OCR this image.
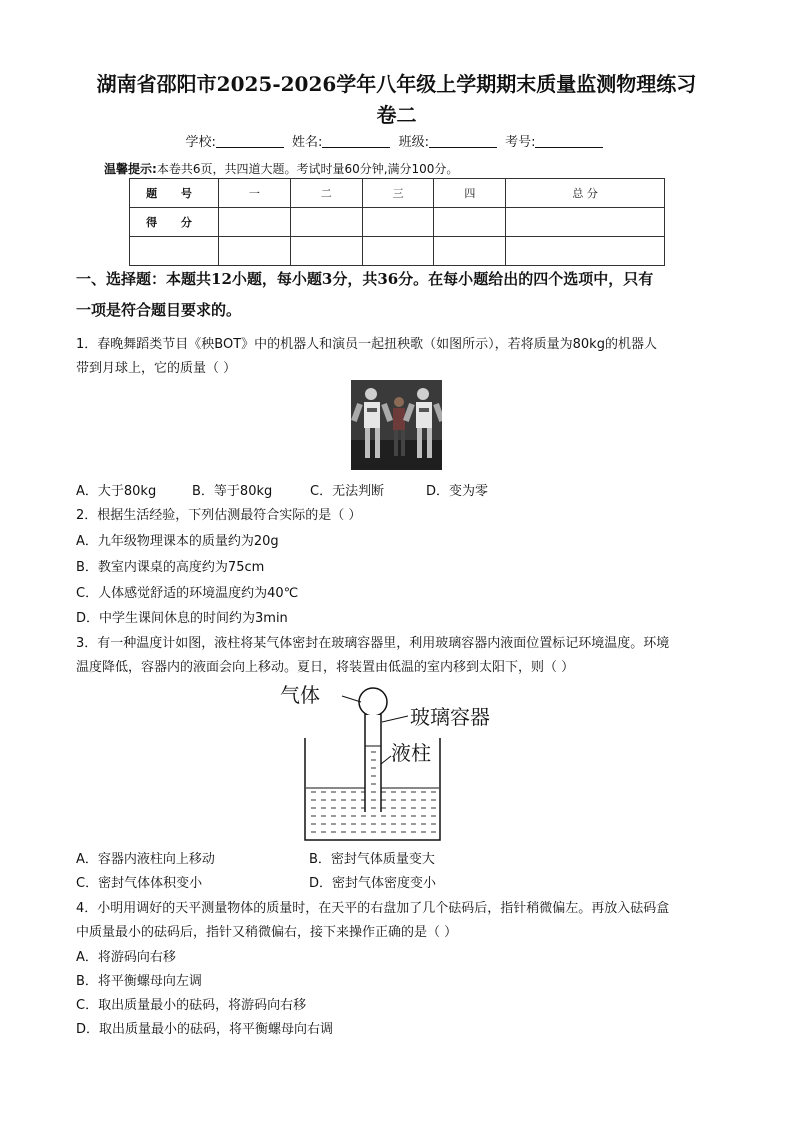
湖南省邵阳市2025-2026学年八年级上学期期末质量监测物理练习
卷二
学校:	姓名:	班级:	考号:
温馨提示:本卷共6页，共四道大题。考试时量60分钟,满分100分。
题 号	一	二	三	四	总 分
得 分					

一、选择题：本题共12小题，每小题3分，共36分。在每小题给出的四个选项中，只有
一项是符合题目要求的。
1．春晚舞蹈类节目《秧BOT》中的机器人和演员一起扭秧歌（如图所示），若将质量为80kg的机器人
带到月球上，它的质量（ ）
A．大于80kg	B．等于80kg	C．无法判断	D．变为零
2．根据生活经验，下列估测最符合实际的是（ ）
A．九年级物理课本的质量约为20g
B．教室内课桌的高度约为75cm
C．人体感觉舒适的环境温度约为40℃
D．中学生课间休息的时间约为3min
3．有一种温度计如图，液柱将某气体密封在玻璃容器里，利用玻璃容器内液面位置标记环境温度。环境
温度降低，容器内的液面会向上移动。夏日，将装置由低温的室内移到太阳下，则（ ）
气体
玻璃容器
液柱
A．容器内液柱向上移动	B．密封气体质量变大
C．密封气体体积变小	D．密封气体密度变小
4．小明用调好的天平测量物体的质量时，在天平的右盘加了几个砝码后，指针稍微偏左。再放入砝码盒
中质量最小的砝码后，指针又稍微偏右，接下来操作正确的是（ ）
A．将游码向右移
B．将平衡螺母向左调
C．取出质量最小的砝码，将游码向右移
D．取出质量最小的砝码，将平衡螺母向右调
